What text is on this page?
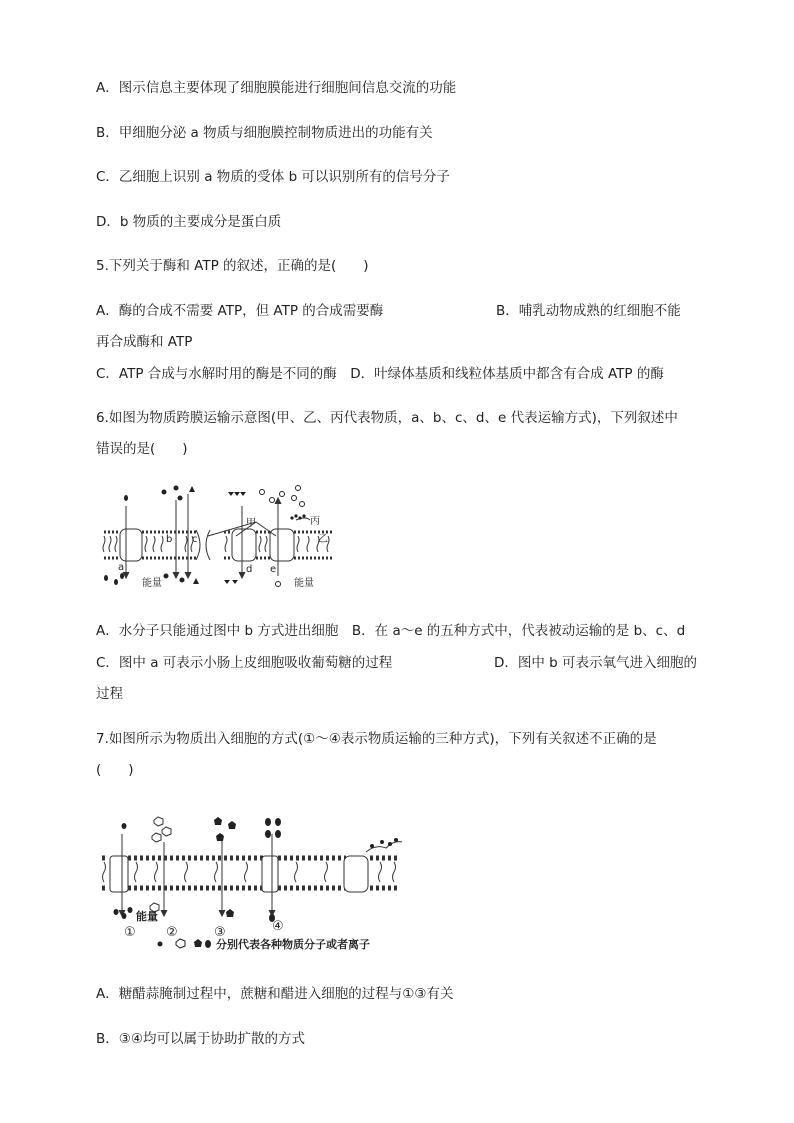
A．图示信息主要体现了细胞膜能进行细胞间信息交流的功能
B．甲细胞分泌 a 物质与细胞膜控制物质进出的功能有关
C．乙细胞上识别 a 物质的受体 b 可以识别所有的信号分子
D．b 物质的主要成分是蛋白质
5.下列关于酶和 ATP 的叙述，正确的是(　　)
A．酶的合成不需要 ATP，但 ATP 的合成需要酶	B．哺乳动物成熟的红细胞不能
再合成酶和 ATP
C．ATP 合成与水解时用的酶是不同的酶　D．叶绿体基质和线粒体基质中都含有合成 ATP 的酶
6.如图为物质跨膜运输示意图(甲、乙、丙代表物质，a、b、c、d、e 代表运输方式)，下列叙述中
错误的是(　　)
甲	丙
乙
a
b c
d e
能量	能量
A．水分子只能通过图中 b 方式进出细胞　B．在 a～e 的五种方式中，代表被动运输的是 b、c、d
C．图中 a 可表示小肠上皮细胞吸收葡萄糖的过程	D．图中 b 可表示氧气进入细胞的
过程
7.如图所示为物质出入细胞的方式(①～④表示物质运输的三种方式)，下列有关叙述不正确的是
(　　)
能量
① ②	③	④
分别代表各种物质分子或者离子
A．糖醋蒜腌制过程中，蔗糖和醋进入细胞的过程与①③有关
B．③④均可以属于协助扩散的方式
